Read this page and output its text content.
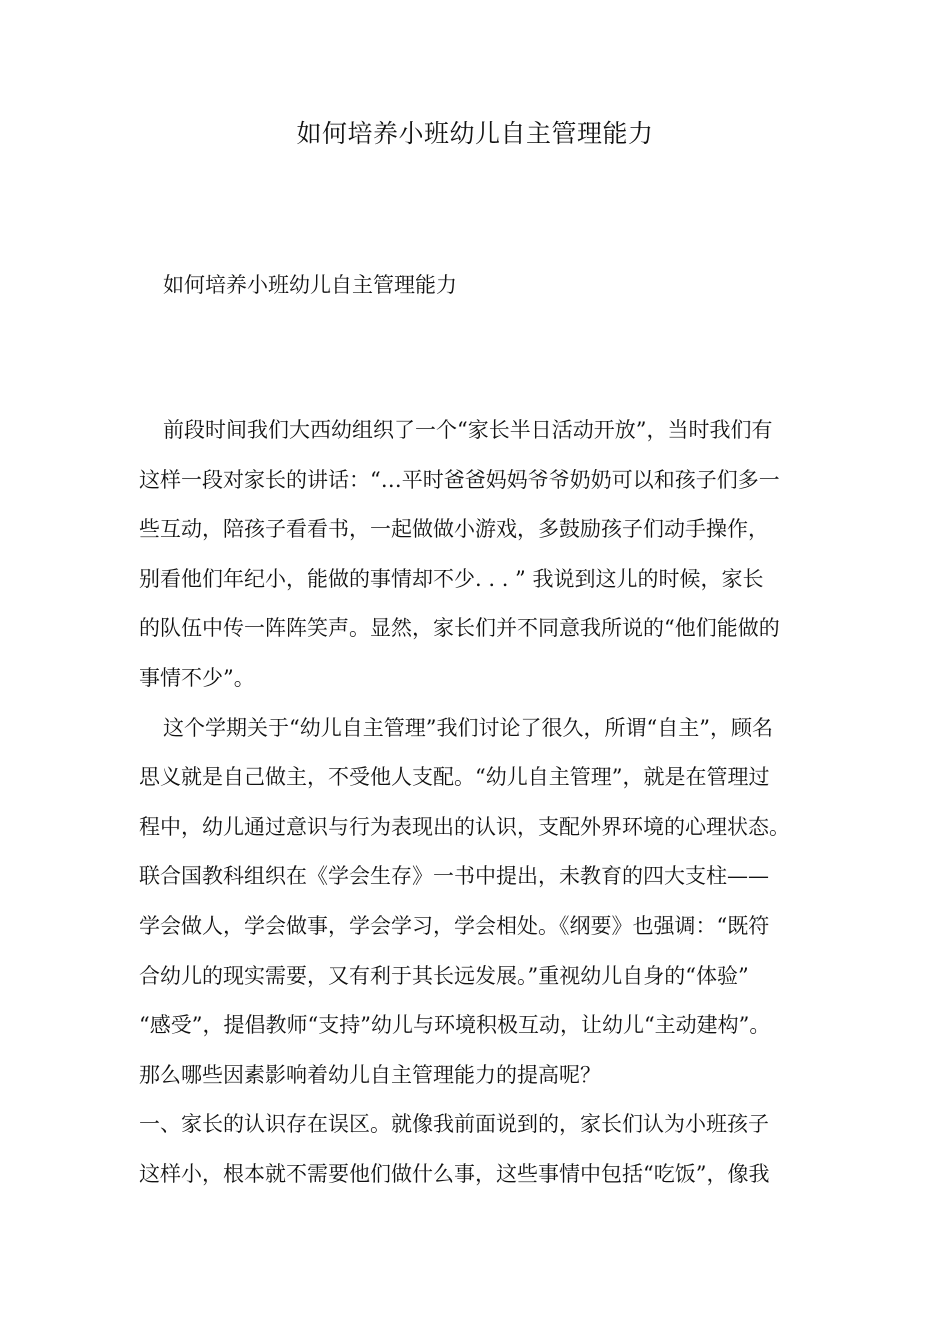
如何培养小班幼儿自主管理能力
如何培养小班幼儿自主管理能力
前段时间我们大西幼组织了一个“家长半日活动开放”，当时我们有
这样一段对家长的讲话：“…平时爸爸妈妈爷爷奶奶可以和孩子们多一
些互动，陪孩子看看书，一起做做小游戏，多鼓励孩子们动手操作，
别看他们年纪小，能做的事情却不少. . . ” 我说到这儿的时候，家长
的队伍中传一阵阵笑声。显然，家长们并不同意我所说的“他们能做的
事情不少”。
这个学期关于“幼儿自主管理”我们讨论了很久，所谓“自主”，顾名
思义就是自己做主，不受他人支配。“幼儿自主管理”，就是在管理过
程中，幼儿通过意识与行为表现出的认识，支配外界环境的心理状态。
联合国教科组织在《学会生存》一书中提出，未教育的四大支柱——
学会做人，学会做事，学会学习，学会相处。《纲要》也强调：“既符
合幼儿的现实需要，又有利于其长远发展。”重视幼儿自身的“体验”
“感受”，提倡教师“支持”幼儿与环境积极互动，让幼儿“主动建构”。
那么哪些因素影响着幼儿自主管理能力的提高呢？
一、家长的认识存在误区。就像我前面说到的，家长们认为小班孩子
这样小，根本就不需要他们做什么事，这些事情中包括“吃饭”，像我
